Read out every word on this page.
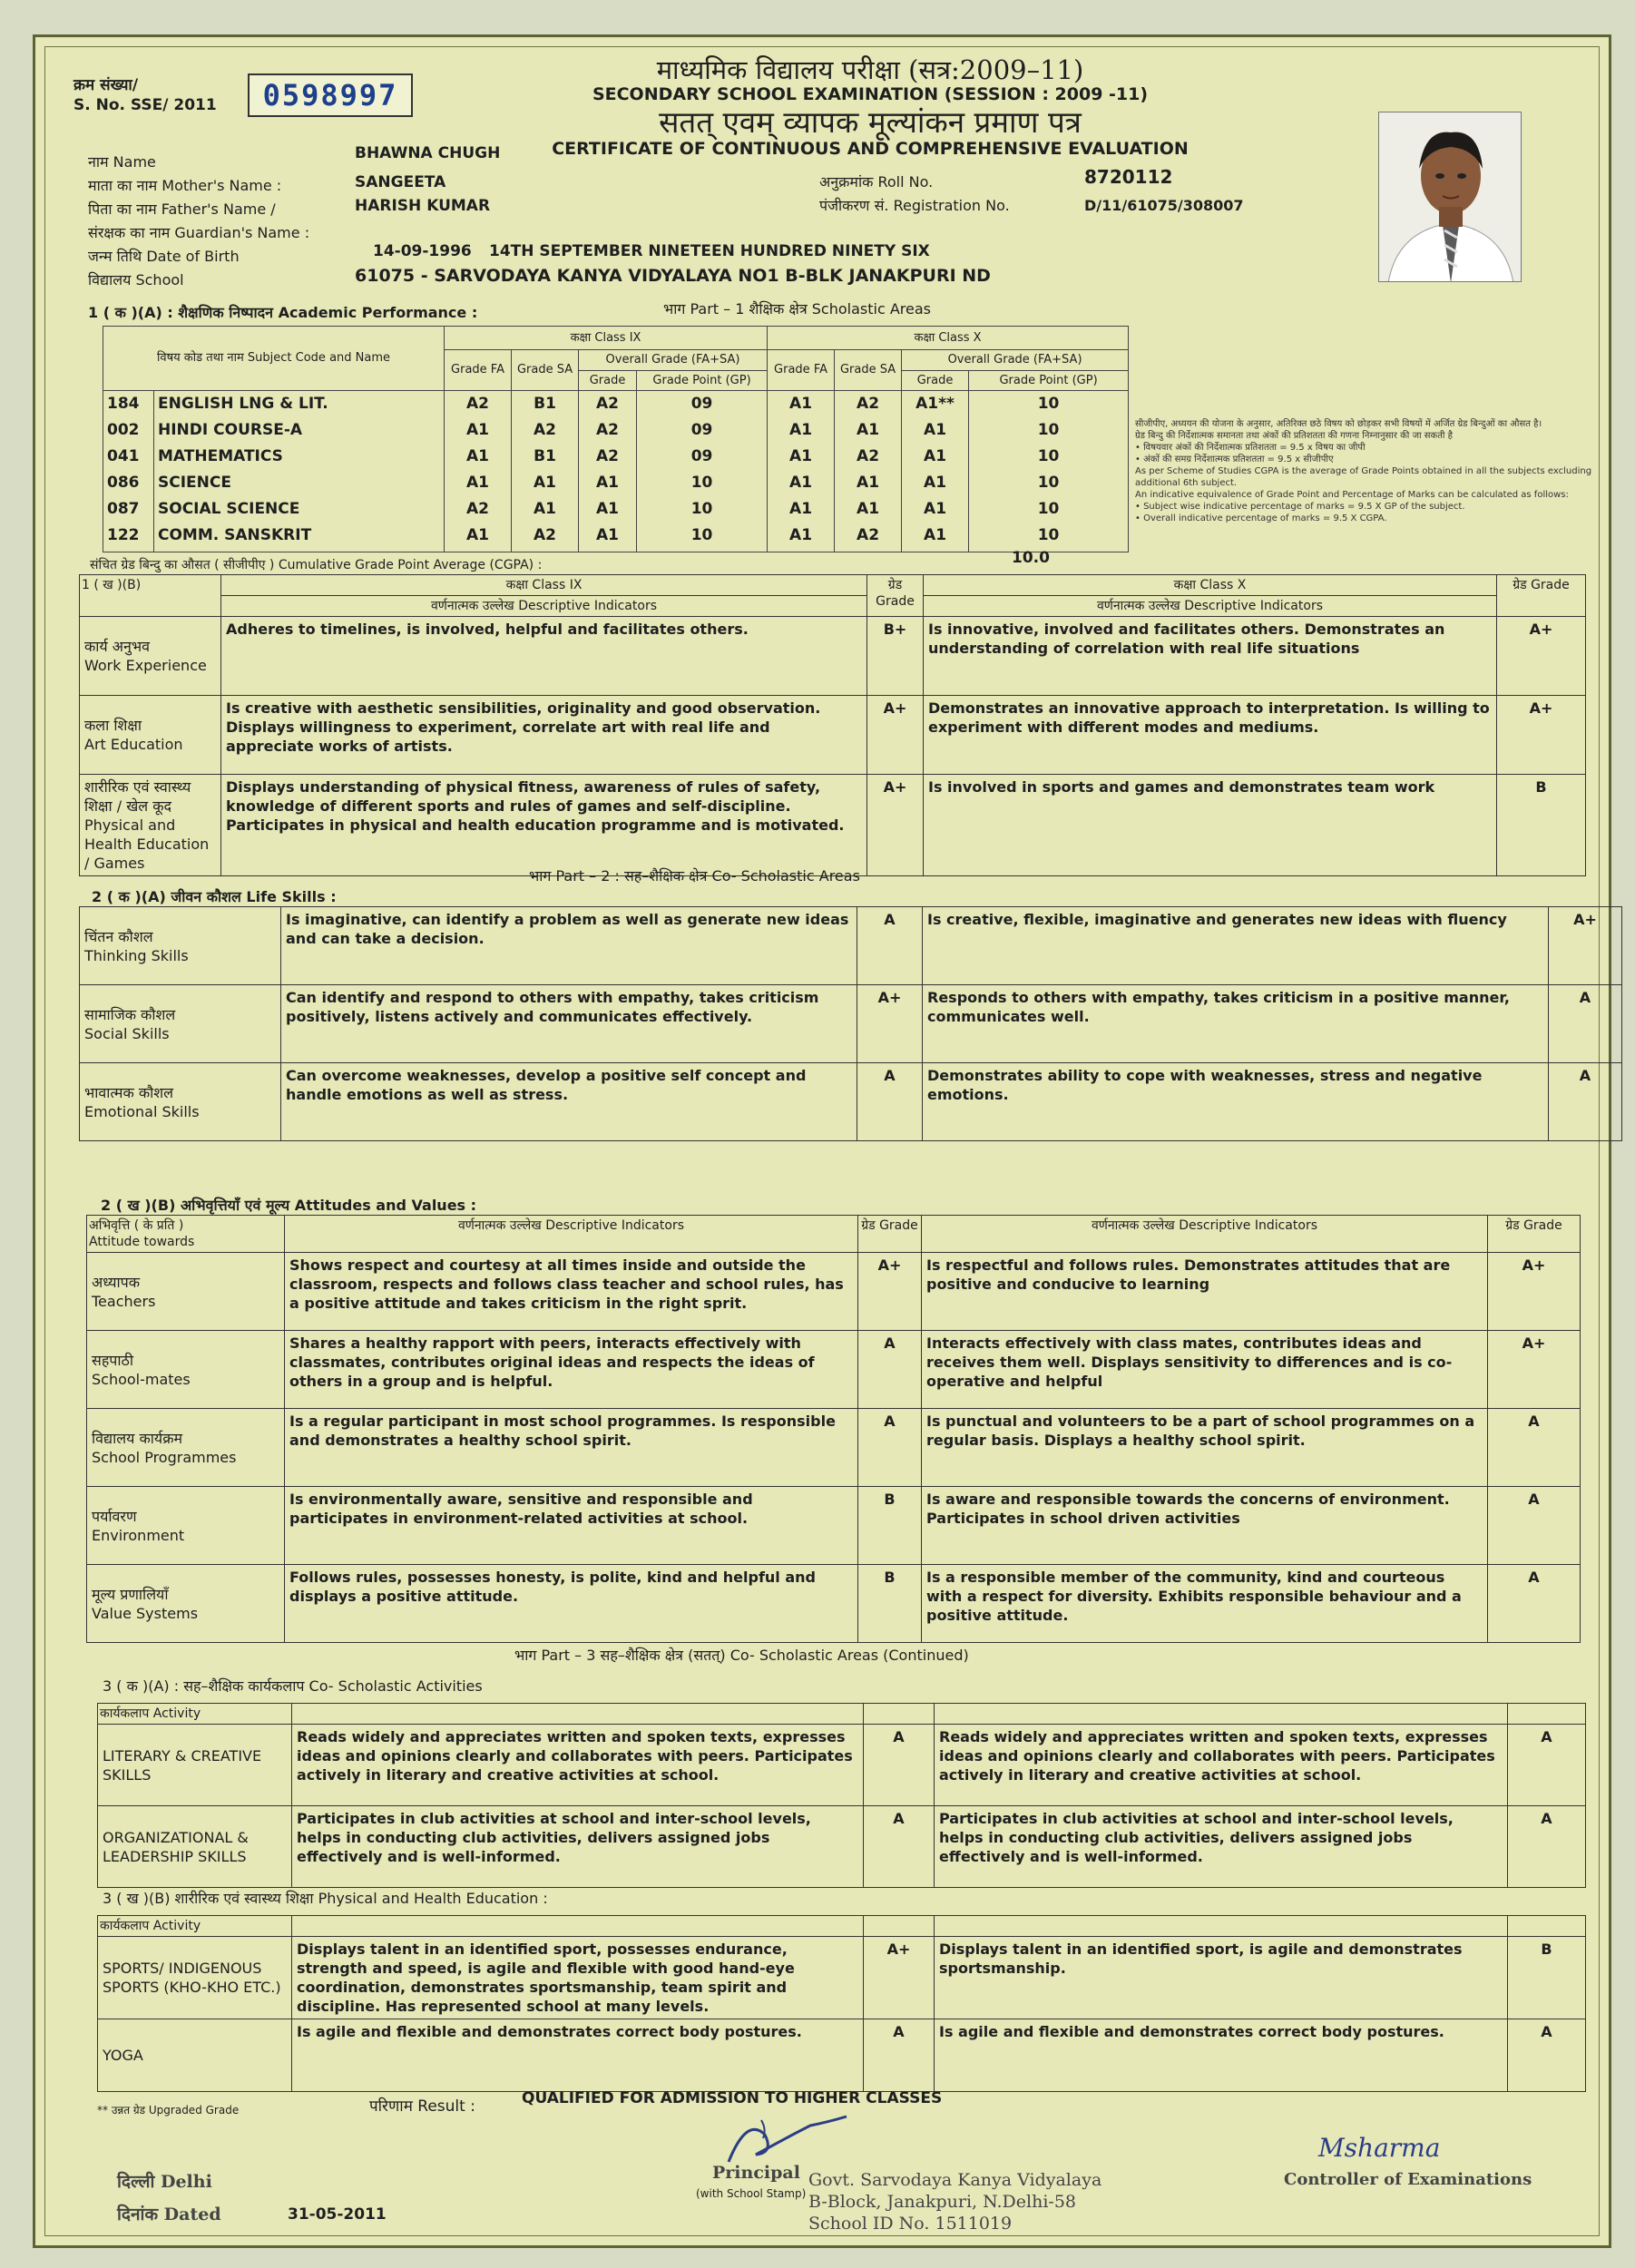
क्रम संख्या/
S. No. SSE/ 2011	0598997
माध्यमिक विद्यालय परीक्षा (सत्र:2009–11)
SECONDARY SCHOOL EXAMINATION (SESSION : 2009 -11)
सतत् एवम् व्यापक मूल्यांकन प्रमाण पत्र
CERTIFICATE OF CONTINUOUS AND COMPREHENSIVE EVALUATION
नाम Name	BHAWNA CHUGH
माता का नाम Mother's Name :	SANGEETA
पिता का नाम Father's Name /	HARISH KUMAR
संरक्षक का नाम Guardian's Name :
जन्म तिथि Date of Birth	14-09-1996 14TH SEPTEMBER NINETEEN HUNDRED NINETY SIX
विद्यालय School	61075 - SARVODAYA KANYA VIDYALAYA NO1 B-BLK JANAKPURI ND
अनुक्रमांक Roll No.	8720112
पंजीकरण सं. Registration No.	D/11/61075/308007
1 ( क )(A) : शैक्षणिक निष्पादन Academic Performance :	भाग Part – 1 शैक्षिक क्षेत्र Scholastic Areas
विषय कोड तथा नाम Subject Code and Name		कक्षा Class IX				कक्षा Class X			
		Grade FA	Grade SA	Overall Grade (FA+SA)		Grade FA	Grade SA	Overall Grade (FA+SA)	
				Grade	Grade Point (GP)			Grade	Grade Point (GP)
184	ENGLISH LNG & LIT.	A2	B1	A2	09	A1	A2	A1**	10
002	HINDI COURSE-A	A1	A2	A2	09	A1	A1	A1	10
041	MATHEMATICS	A1	B1	A2	09	A1	A2	A1	10
086	SCIENCE	A1	A1	A1	10	A1	A1	A1	10
087	SOCIAL SCIENCE	A2	A1	A1	10	A1	A1	A1	10
122	COMM. SANSKRIT	A1	A2	A1	10	A1	A2	A1	10

संचित ग्रेड बिन्दु का औसत ( सीजीपीए ) Cumulative Grade Point Average (CGPA) :	10.0
सीजीपीए, अध्ययन की योजना के अनुसार, अतिरिक्त छठे विषय को छोड़कर सभी विषयों में अर्जित ग्रेड बिन्दुओं का औसत है।
ग्रेड बिन्दु की निर्देशात्मक समानता तथा अंकों की प्रतिशतता की गणना निम्नानुसार की जा सकती है
• विषयवार अंकों की निर्देशात्मक प्रतिशतता = 9.5 x विषय का जीपी
• अंकों की समग्र निर्देशात्मक प्रतिशतता = 9.5 x सीजीपीए
As per Scheme of Studies CGPA is the average of Grade Points obtained in all the subjects excluding additional 6th subject.
An indicative equivalence of Grade Point and Percentage of Marks can be calculated as follows:
• Subject wise indicative percentage of marks = 9.5 X GP of the subject.
• Overall indicative percentage of marks = 9.5 X CGPA.
1 ( ख )(B)	कक्षा Class IX	ग्रेड Grade	कक्षा Class X	ग्रेड Grade
	वर्णनात्मक उल्लेख Descriptive Indicators		वर्णनात्मक उल्लेख Descriptive Indicators	

कार्य अनुभव
Work Experience	Adheres to timelines, is involved, helpful and facilitates others.	B+	Is innovative, involved and facilitates others. Demonstrates an understanding of correlation with real life situations	A+

कला शिक्षा
Art Education	Is creative with aesthetic sensibilities, originality and good observation. Displays willingness to experiment, correlate art with real life and appreciate works of artists.	A+	Demonstrates an innovative approach to interpretation. Is willing to experiment with different modes and mediums.	A+

शारीरिक एवं स्वास्थ्य शिक्षा / खेल कूद
Physical and Health Education / Games	Displays understanding of physical fitness, awareness of rules of safety, knowledge of different sports and rules of games and self-discipline. Participates in physical and health education programme and is motivated.	A+	Is involved in sports and games and demonstrates team work	B
भाग Part – 2 : सह–शैक्षिक क्षेत्र Co- Scholastic Areas
2 ( क )(A) जीवन कौशल Life Skills :
चिंतन कौशल
Thinking Skills	Is imaginative, can identify a problem as well as generate new ideas and can take a decision.	A	Is creative, flexible, imaginative and generates new ideas with fluency	A+

सामाजिक कौशल
Social Skills	Can identify and respond to others with empathy, takes criticism positively, listens actively and communicates effectively.	A+	Responds to others with empathy, takes criticism in a positive manner, communicates well.	A

भावात्मक कौशल
Emotional Skills	Can overcome weaknesses, develop a positive self concept and handle emotions as well as stress.	A	Demonstrates ability to cope with weaknesses, stress and negative emotions.	A
2 ( ख )(B) अभिवृत्तियाँ एवं मूल्य Attitudes and Values :
अभिवृत्ति ( के प्रति )
Attitude towards	वर्णनात्मक उल्लेख Descriptive Indicators	ग्रेड Grade	वर्णनात्मक उल्लेख Descriptive Indicators	ग्रेड Grade

अध्यापक
Teachers	Shows respect and courtesy at all times inside and outside the classroom, respects and follows class teacher and school rules, has a positive attitude and takes criticism in the right sprit.	A+	Is respectful and follows rules. Demonstrates attitudes that are positive and conducive to learning	A+

सहपाठी
School-mates	Shares a healthy rapport with peers, interacts effectively with classmates, contributes original ideas and respects the ideas of others in a group and is helpful.	A	Interacts effectively with class mates, contributes ideas and receives them well. Displays sensitivity to differences and is co- operative and helpful	A+

विद्यालय कार्यक्रम
School Programmes	Is a regular participant in most school programmes. Is responsible and demonstrates a healthy school spirit.	A	Is punctual and volunteers to be a part of school programmes on a regular basis. Displays a healthy school spirit.	A

पर्यावरण
Environment	Is environmentally aware, sensitive and responsible and participates in environment-related activities at school.	B	Is aware and responsible towards the concerns of environment. Participates in school driven activities	A

मूल्य प्रणालियाँ
Value Systems	Follows rules, possesses honesty, is polite, kind and helpful and displays a positive attitude.	B	Is a responsible member of the community, kind and courteous with a respect for diversity. Exhibits responsible behaviour and a positive attitude.	A
भाग Part – 3 सह–शैक्षिक क्षेत्र (सतत्) Co- Scholastic Areas (Continued)
3 ( क )(A) : सह–शैक्षिक कार्यकलाप Co- Scholastic Activities
कार्यकलाप Activity				
LITERARY & CREATIVE SKILLS	Reads widely and appreciates written and spoken texts, expresses ideas and opinions clearly and collaborates with peers. Participates actively in literary and creative activities at school.	A	Reads widely and appreciates written and spoken texts, expresses ideas and opinions clearly and collaborates with peers. Participates actively in literary and creative activities at school.	A
ORGANIZATIONAL & LEADERSHIP SKILLS	Participates in club activities at school and inter-school levels, helps in conducting club activities, delivers assigned jobs effectively and is well-informed.	A	Participates in club activities at school and inter-school levels, helps in conducting club activities, delivers assigned jobs effectively and is well-informed.	A
3 ( ख )(B) शारीरिक एवं स्वास्थ्य शिक्षा Physical and Health Education :
कार्यकलाप Activity				
SPORTS/ INDIGENOUS SPORTS (KHO-KHO ETC.)	Displays talent in an identified sport, possesses endurance, strength and speed, is agile and flexible with good hand-eye coordination, demonstrates sportsmanship, team spirit and discipline. Has represented school at many levels.	A+	Displays talent in an identified sport, is agile and demonstrates sportsmanship.	B
YOGA	Is agile and flexible and demonstrates correct body postures.	A	Is agile and flexible and demonstrates correct body postures.	A
** उन्नत ग्रेड Upgraded Grade	परिणाम Result :	QUALIFIED FOR ADMISSION TO HIGHER CLASSES
दिल्ली Delhi
दिनांक Dated	31-05-2011
Principal
(with School Stamp)
Govt. Sarvodaya Kanya Vidyalaya
B-Block, Janakpuri, N.Delhi-58
School ID No. 1511019
Msharma
Controller of Examinations
